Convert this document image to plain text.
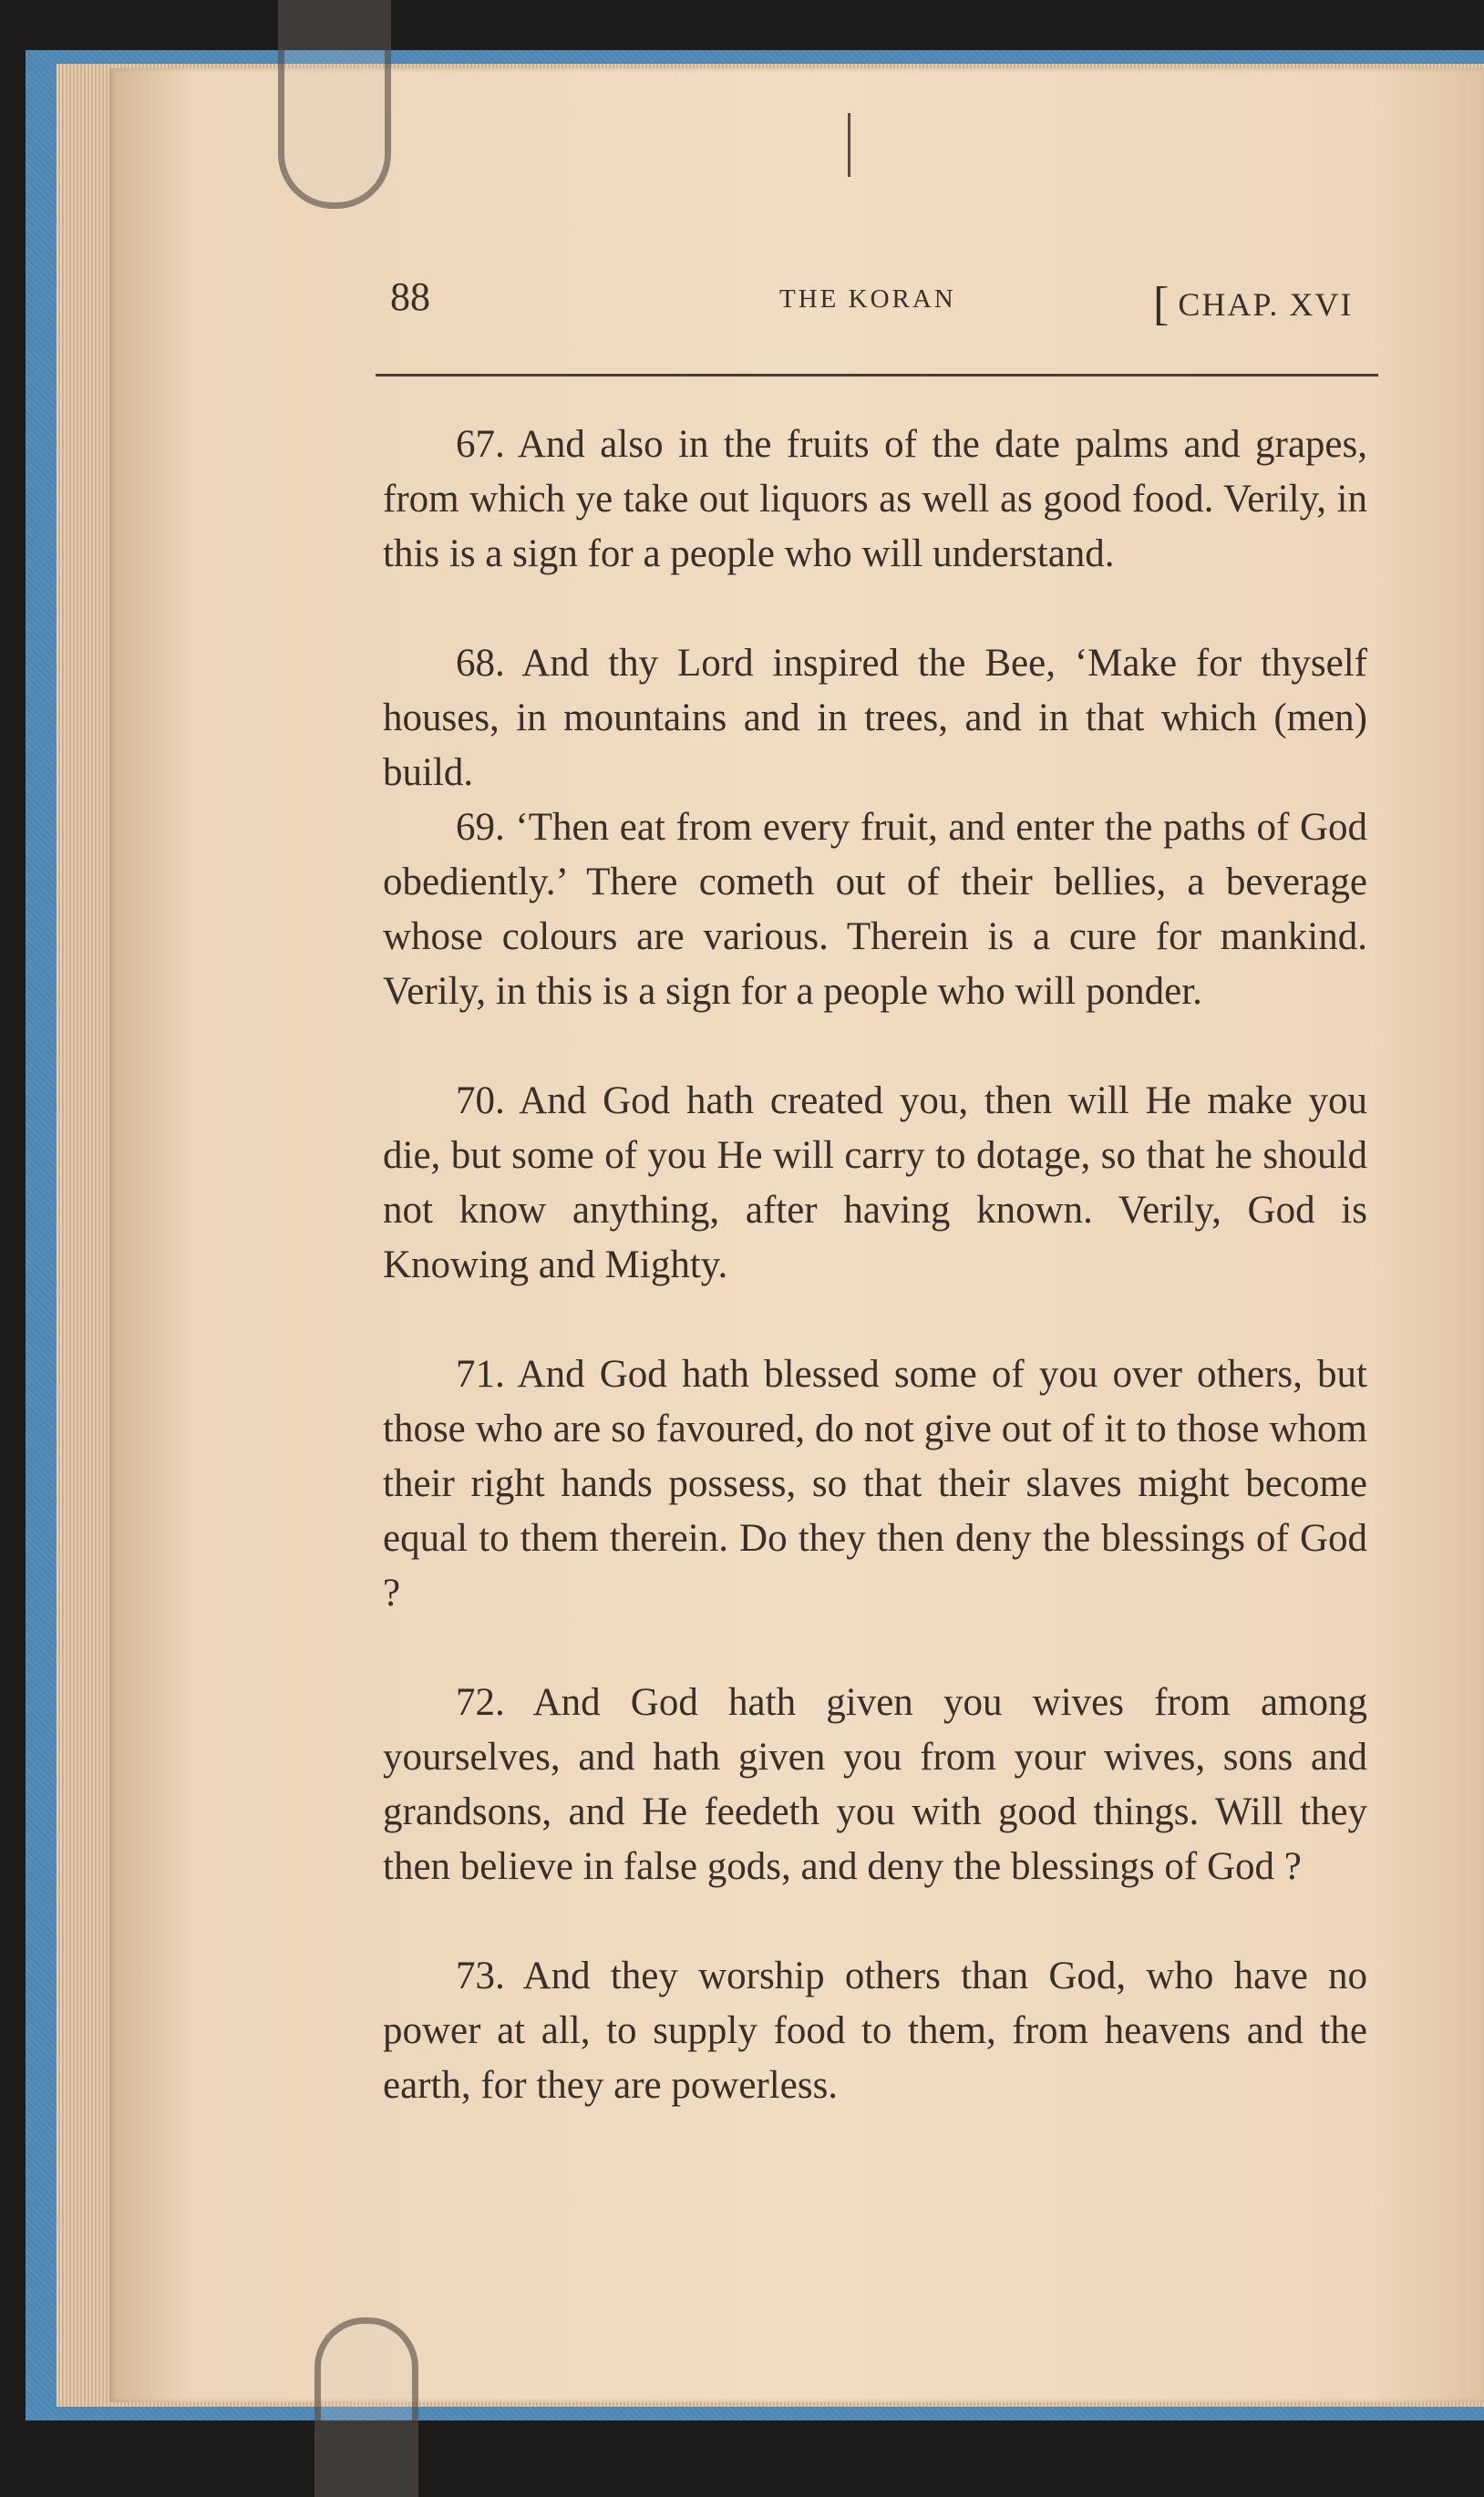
88	THE KORAN	[ CHAP. XVI

67. And also in the fruits of the date palms and grapes, from which ye take out liquors as well as good food. Verily, in this is a sign for a people who will understand.

68. And thy Lord inspired the Bee, ‘Make for thyself houses, in mountains and in trees, and in that which (men) build.

69. ‘Then eat from every fruit, and enter the paths of God obediently.’ There cometh out of their bellies, a beverage whose colours are various. Therein is a cure for mankind. Verily, in this is a sign for a people who will ponder.

70. And God hath created you, then will He make you die, but some of you He will carry to dotage, so that he should not know anything, after having known. Verily, God is Knowing and Mighty.

71. And God hath blessed some of you over others, but those who are so favoured, do not give out of it to those whom their right hands possess, so that their slaves might become equal to them therein. Do they then deny the blessings of God ?

72. And God hath given you wives from among yourselves, and hath given you from your wives, sons and grandsons, and He feedeth you with good things. Will they then believe in false gods, and deny the blessings of God ?

73. And they worship others than God, who have no power at all, to supply food to them, from heavens and the earth, for they are powerless.
